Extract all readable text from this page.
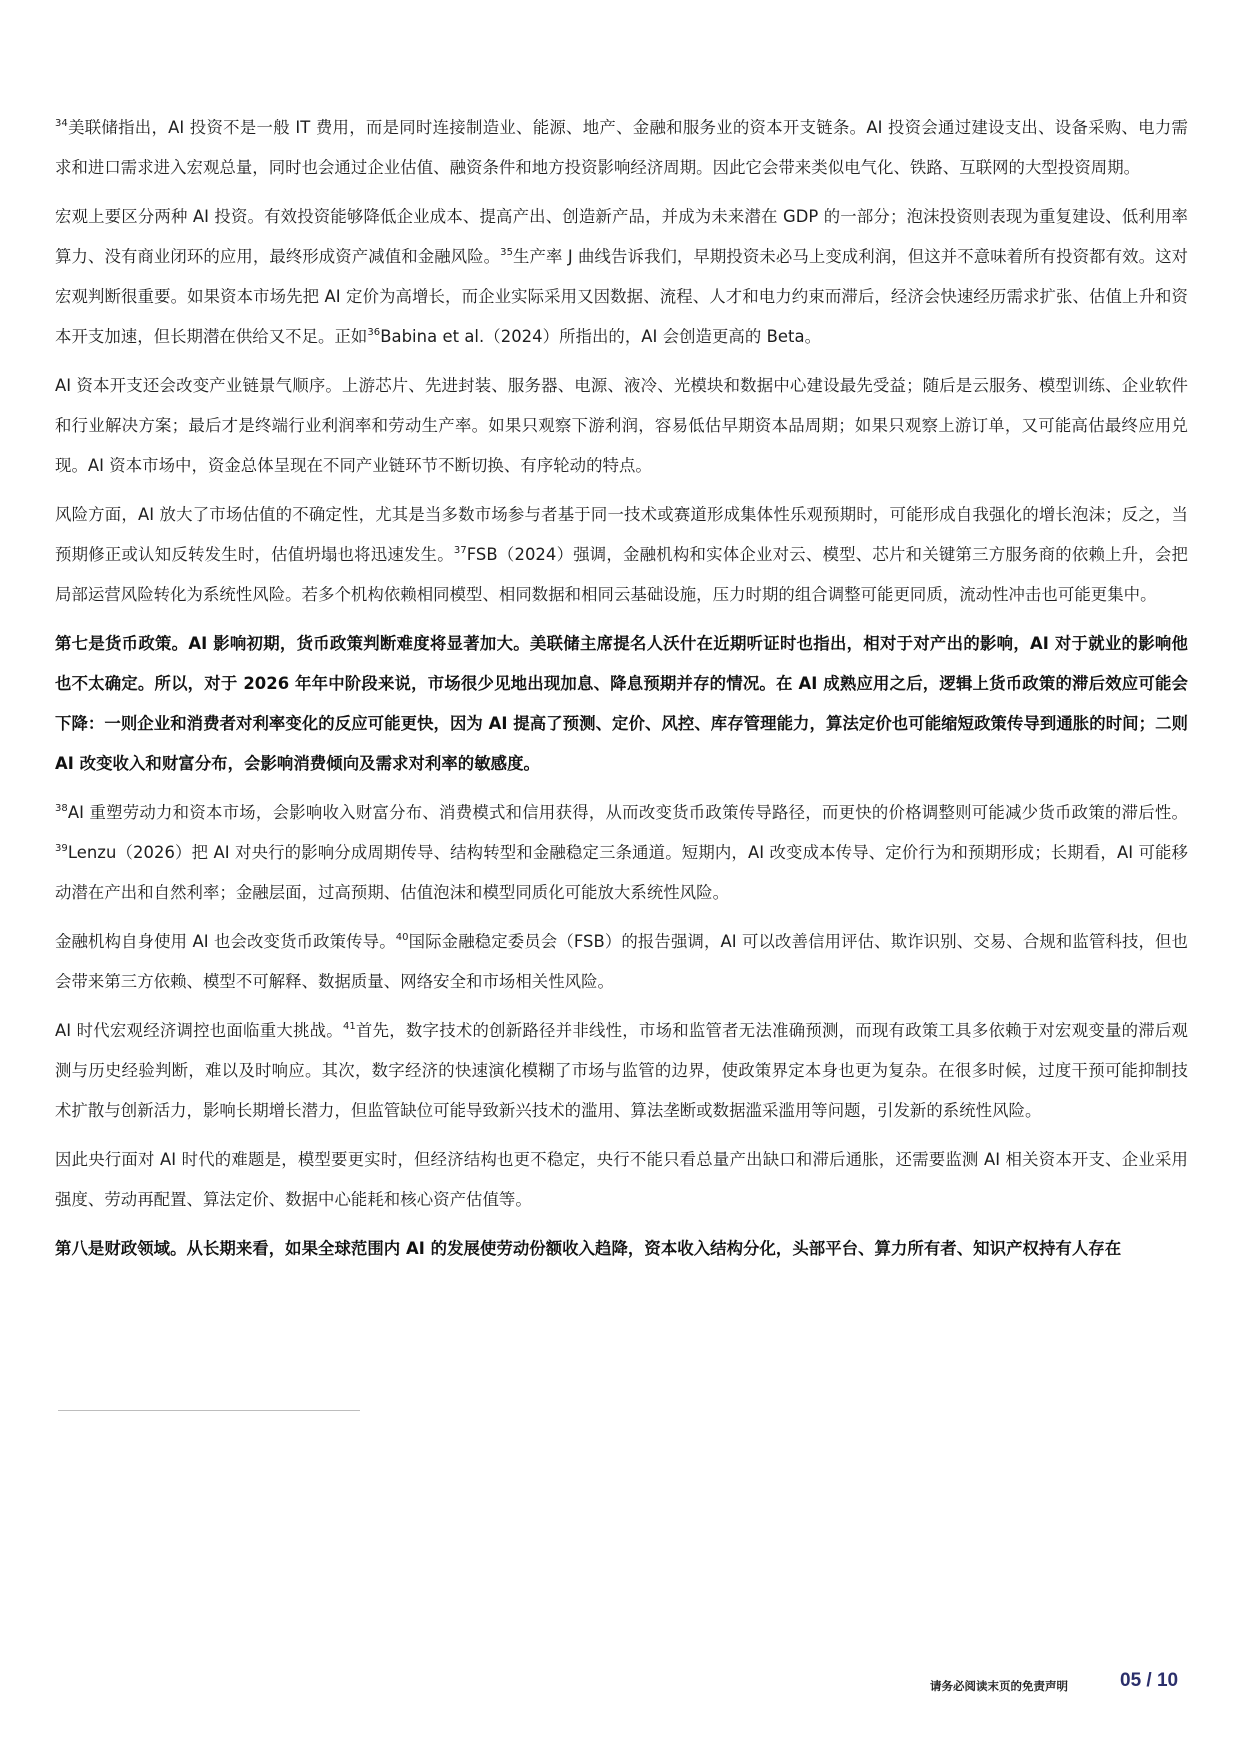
$^{34}$美联储指出，AI 投资不是一般 IT 费用，而是同时连接制造业、能源、地产、金融和服务业的资本开支链条。AI 投资会通过建设支出、设备采购、电力需求和进口需求进入宏观总量，同时也会通过企业估值、融资条件和地方投资影响经济周期。因此它会带来类似电气化、铁路、互联网的大型投资周期。

宏观上要区分两种 AI 投资。有效投资能够降低企业成本、提高产出、创造新产品，并成为未来潜在 GDP 的一部分；泡沫投资则表现为重复建设、低利用率算力、没有商业闭环的应用，最终形成资产减值和金融风险。$^{35}$生产率 J 曲线告诉我们，早期投资未必马上变成利润，但这并不意味着所有投资都有效。这对宏观判断很重要。如果资本市场先把 AI 定价为高增长，而企业实际采用又因数据、流程、人才和电力约束而滞后，经济会快速经历需求扩张、估值上升和资本开支加速，但长期潜在供给又不足。正如$^{36}$Babina et al.（2024）所指出的，AI 会创造更高的 Beta。

AI 资本开支还会改变产业链景气顺序。上游芯片、先进封装、服务器、电源、液冷、光模块和数据中心建设最先受益；随后是云服务、模型训练、企业软件和行业解决方案；最后才是终端行业利润率和劳动生产率。如果只观察下游利润，容易低估早期资本品周期；如果只观察上游订单，又可能高估最终应用兑现。AI 资本市场中，资金总体呈现在不同产业链环节不断切换、有序轮动的特点。

风险方面，AI 放大了市场估值的不确定性，尤其是当多数市场参与者基于同一技术或赛道形成集体性乐观预期时，可能形成自我强化的增长泡沫；反之，当预期修正或认知反转发生时，估值坍塌也将迅速发生。$^{37}$FSB（2024）强调，金融机构和实体企业对云、模型、芯片和关键第三方服务商的依赖上升，会把局部运营风险转化为系统性风险。若多个机构依赖相同模型、相同数据和相同云基础设施，压力时期的组合调整可能更同质，流动性冲击也可能更集中。

第七是货币政策。AI 影响初期，货币政策判断难度将显著加大。美联储主席提名人沃什在近期听证时也指出，相对于对产出的影响，AI 对于就业的影响他也不太确定。所以，对于 2026 年年中阶段来说，市场很少见地出现加息、降息预期并存的情况。在 AI 成熟应用之后，逻辑上货币政策的滞后效应可能会下降：一则企业和消费者对利率变化的反应可能更快，因为 AI 提高了预测、定价、风控、库存管理能力，算法定价也可能缩短政策传导到通胀的时间；二则 AI 改变收入和财富分布，会影响消费倾向及需求对利率的敏感度。

$^{38}$AI 重塑劳动力和资本市场，会影响收入财富分布、消费模式和信用获得，从而改变货币政策传导路径，而更快的价格调整则可能减少货币政策的滞后性。$^{39}$Lenzu（2026）把 AI 对央行的影响分成周期传导、结构转型和金融稳定三条通道。短期内，AI 改变成本传导、定价行为和预期形成；长期看，AI 可能移动潜在产出和自然利率；金融层面，过高预期、估值泡沫和模型同质化可能放大系统性风险。

金融机构自身使用 AI 也会改变货币政策传导。$^{40}$国际金融稳定委员会（FSB）的报告强调，AI 可以改善信用评估、欺诈识别、交易、合规和监管科技，但也会带来第三方依赖、模型不可解释、数据质量、网络安全和市场相关性风险。

AI 时代宏观经济调控也面临重大挑战。$^{41}$首先，数字技术的创新路径并非线性，市场和监管者无法准确预测，而现有政策工具多依赖于对宏观变量的滞后观测与历史经验判断，难以及时响应。其次，数字经济的快速演化模糊了市场与监管的边界，使政策界定本身也更为复杂。在很多时候，过度干预可能抑制技术扩散与创新活力，影响长期增长潜力，但监管缺位可能导致新兴技术的滥用、算法垄断或数据滥采滥用等问题，引发新的系统性风险。

因此央行面对 AI 时代的难题是，模型要更实时，但经济结构也更不稳定，央行不能只看总量产出缺口和滞后通胀，还需要监测 AI 相关资本开支、企业采用强度、劳动再配置、算法定价、数据中心能耗和核心资产估值等。

第八是财政领域。从长期来看，如果全球范围内 AI 的发展使劳动份额收入趋降，资本收入结构分化，头部平台、算力所有者、知识产权持有人存在

请务必阅读末页的免责声明	05 / 10
